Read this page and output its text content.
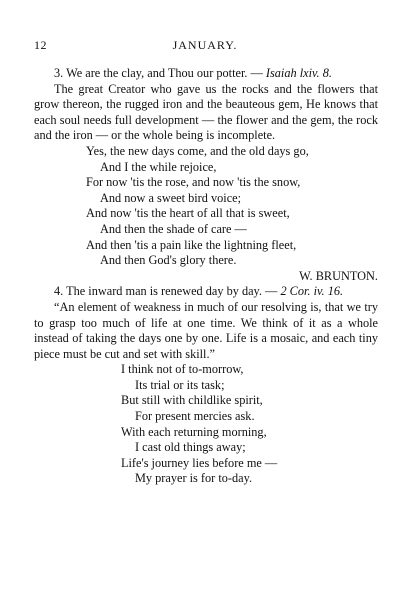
12	JANUARY.

3. We are the clay, and Thou our potter. — Isaiah lxiv. 8.

The great Creator who gave us the rocks and the flowers that grow thereon, the rugged iron and the beauteous gem, He knows that each soul needs full development — the flower and the gem, the rock and the iron — or the whole being is incomplete.

Yes, the new days come, and the old days go,
And I the while rejoice,
For now 'tis the rose, and now 'tis the snow,
And now a sweet bird voice;
And now 'tis the heart of all that is sweet,
And then the shade of care —
And then 'tis a pain like the lightning fleet,
And then God's glory there.

W. BRUNTON.

4. The inward man is renewed day by day. — 2 Cor. iv. 16.

“An element of weakness in much of our resolving is, that we try to grasp too much of life at one time. We think of it as a whole instead of taking the days one by one. Life is a mosaic, and each tiny piece must be cut and set with skill.”

I think not of to-morrow,
Its trial or its task;
But still with childlike spirit,
For present mercies ask.
With each returning morning,
I cast old things away;
Life's journey lies before me —
My prayer is for to-day.
